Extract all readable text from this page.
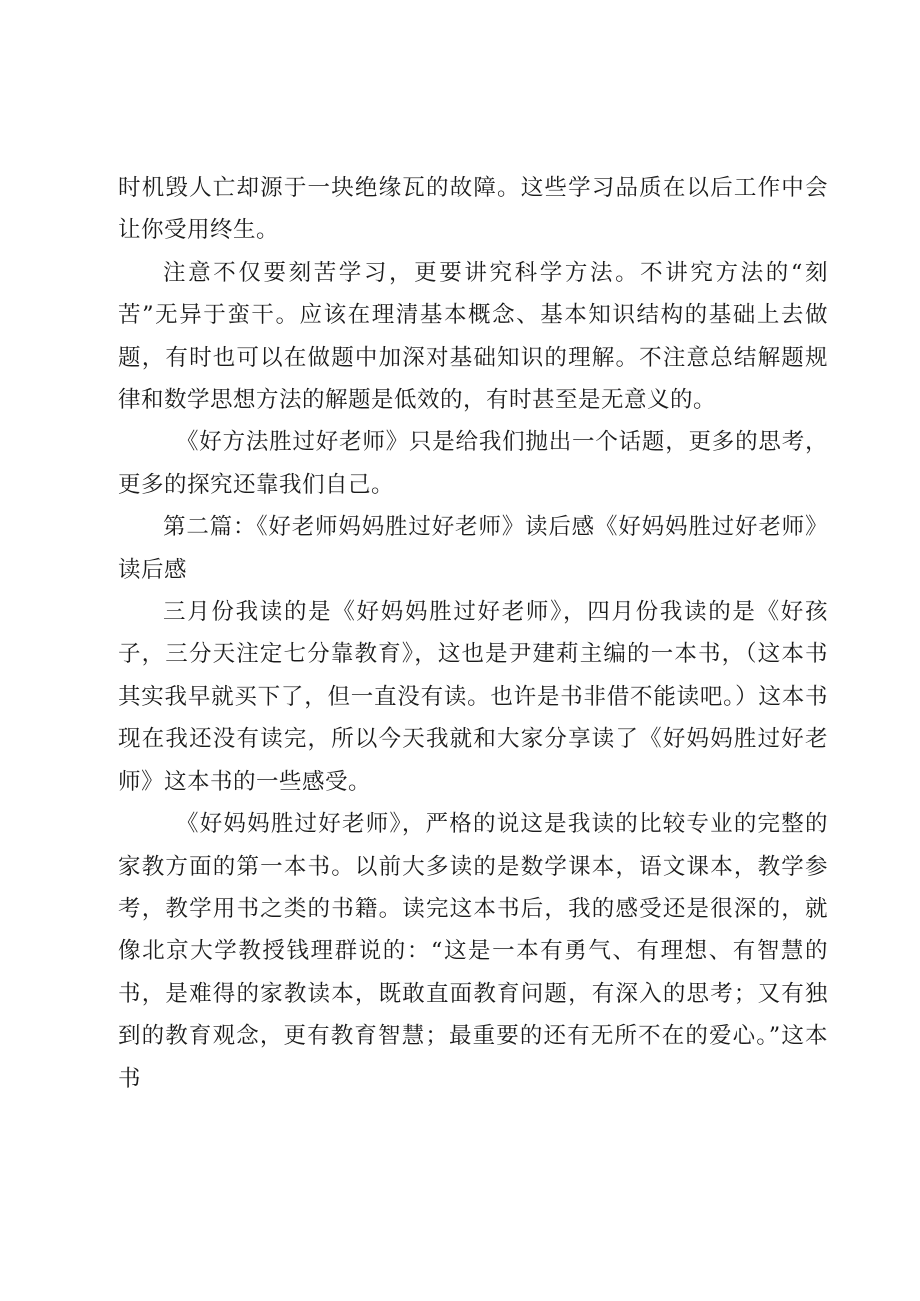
时机毁人亡却源于一块绝缘瓦的故障。这些学习品质在以后工作中会让你受用终生。

注意不仅要刻苦学习，更要讲究科学方法。不讲究方法的“刻苦”无异于蛮干。应该在理清基本概念、基本知识结构的基础上去做题，有时也可以在做题中加深对基础知识的理解。不注意总结解题规律和数学思想方法的解题是低效的，有时甚至是无意义的。

《好方法胜过好老师》只是给我们抛出一个话题，更多的思考，更多的探究还靠我们自己。

第二篇：《好老师妈妈胜过好老师》读后感《好妈妈胜过好老师》读后感

三月份我读的是《好妈妈胜过好老师》，四月份我读的是《好孩子，三分天注定七分靠教育》，这也是尹建莉主编的一本书，（这本书其实我早就买下了，但一直没有读。也许是书非借不能读吧。）这本书现在我还没有读完，所以今天我就和大家分享读了《好妈妈胜过好老师》这本书的一些感受。

《好妈妈胜过好老师》，严格的说这是我读的比较专业的完整的家教方面的第一本书。以前大多读的是数学课本，语文课本，教学参考，教学用书之类的书籍。读完这本书后，我的感受还是很深的，就像北京大学教授钱理群说的：“这是一本有勇气、有理想、有智慧的书，是难得的家教读本，既敢直面教育问题，有深入的思考；又有独到的教育观念，更有教育智慧；最重要的还有无所不在的爱心。”这本书
